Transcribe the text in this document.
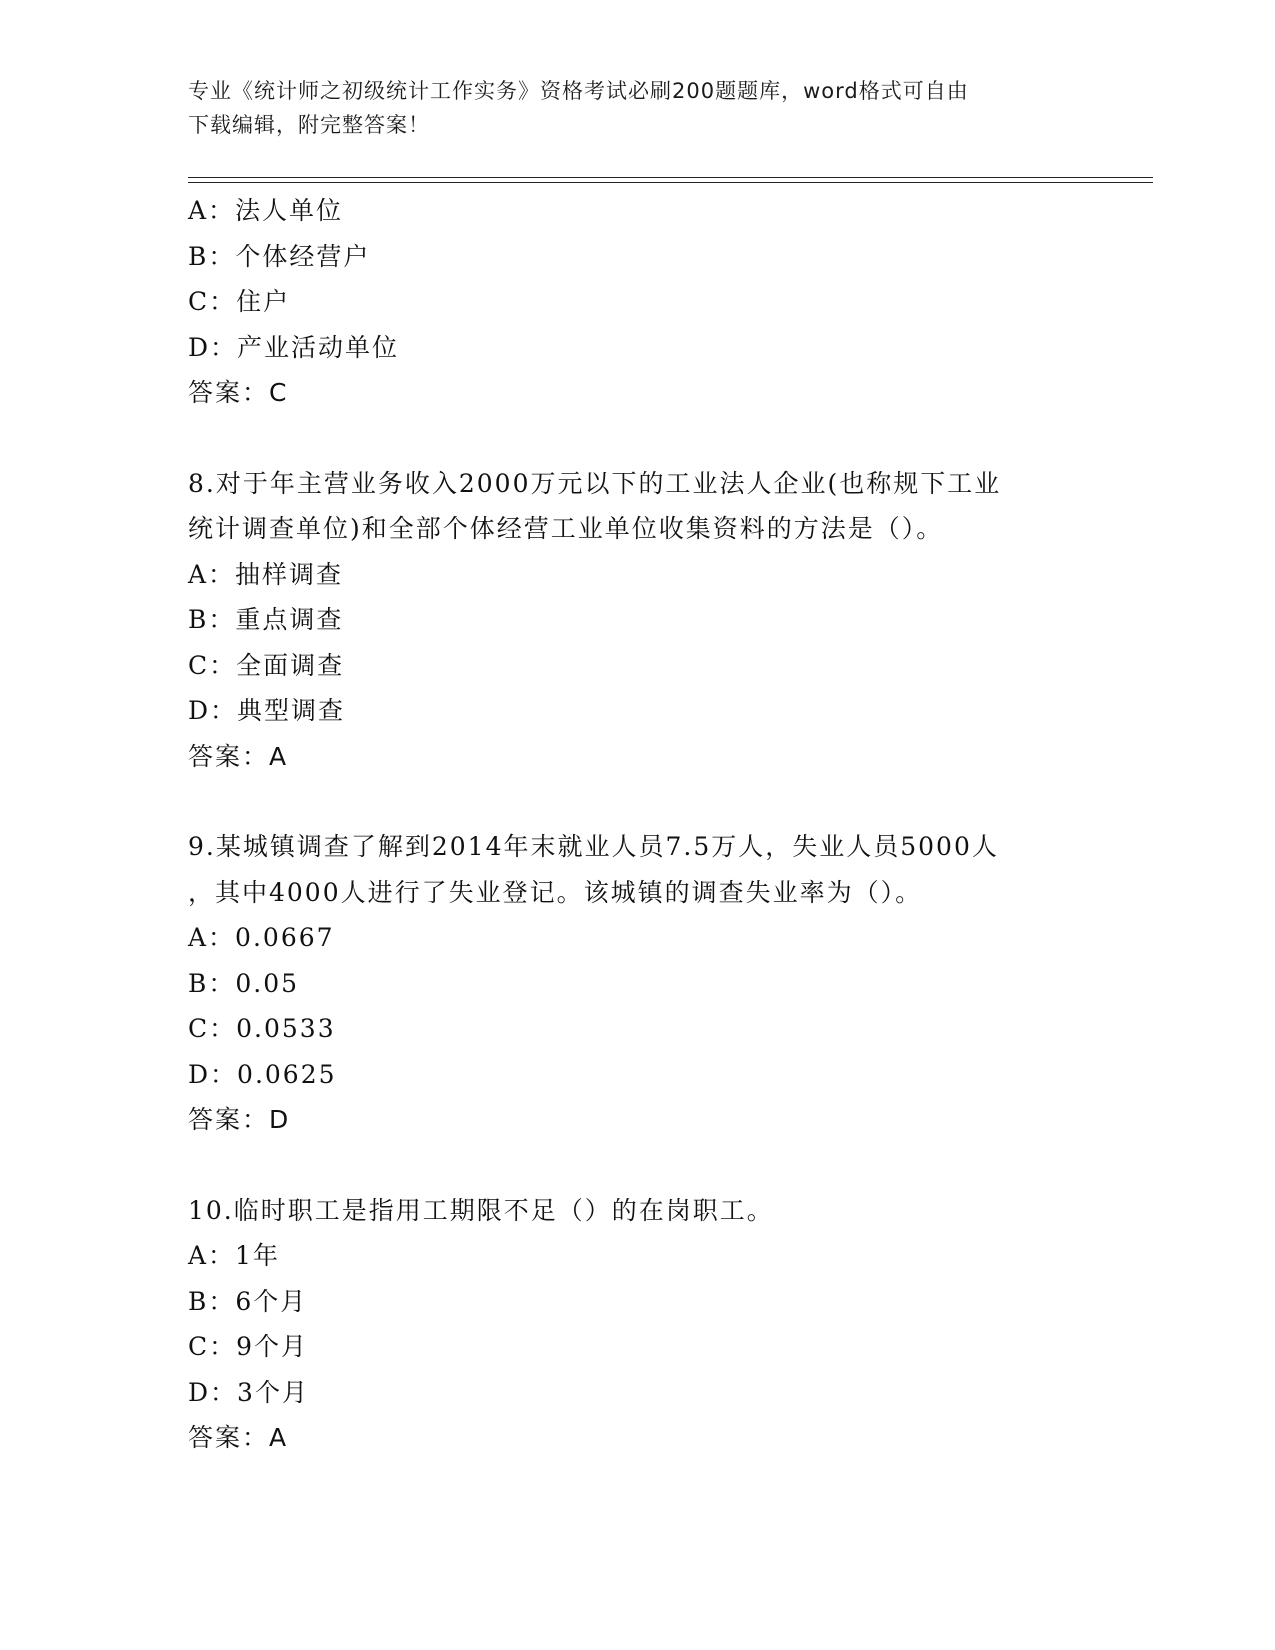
专业《统计师之初级统计工作实务》资格考试必刷200题题库，word格式可自由
下载编辑，附完整答案！
A：法人单位
B：个体经营户
C：住户
D：产业活动单位
答案：C
8.对于年主营业务收入2000万元以下的工业法人企业(也称规下工业
统计调查单位)和全部个体经营工业单位收集资料的方法是（）。
A：抽样调查
B：重点调查
C：全面调查
D：典型调查
答案：A
9.某城镇调查了解到2014年末就业人员7.5万人，失业人员5000人
，其中4000人进行了失业登记。该城镇的调查失业率为（）。
A：0.0667
B：0.05
C：0.0533
D：0.0625
答案：D
10.临时职工是指用工期限不足（）的在岗职工。
A：1年
B：6个月
C：9个月
D：3个月
答案：A
